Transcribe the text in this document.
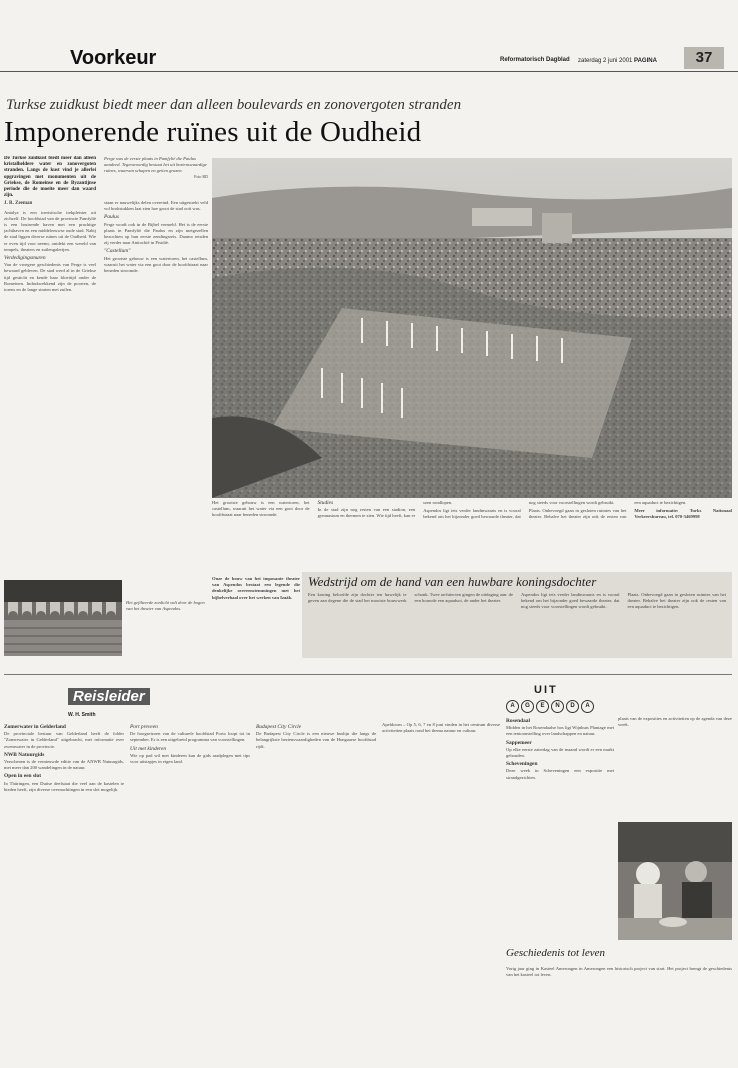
Voorkeur	Reformatorisch Dagblad zaterdag 2 juni 2001 PAGINA	37
Turkse zuidkust biedt meer dan alleen boulevards en zonovergoten stranden
Imponerende ruïnes uit de Oudheid

De Turkse zuidkust biedt meer dan alleen kristalheldere water en zonovergoten stranden. Langs de kust vind je allerlei opgravingen met monumenten uit de Griekse, de Romeinse en de Byzantijnse periode die de moeite meer dan waard zijn.

J. R. Zeeman

Antalya is een toeristische trekpleister uit zichzelf. De hoofdstad van de provincie Pamfylië is een bruisende haven met een prachtige jachthaven en een middeleeuwse oude stad. Nabij de stad liggen diverse ruïnes uit de Oudheid. Wie er even tijd voor neemt, ontdekt een wereld van tempels, theaters en zuilengalerijen.

Verdedigingsmuren

Van de vroegere geschiedenis van Perge is veel bewaard gebleven. De stad werd al in de Griekse tijd gesticht en kende haar bloeitijd onder de Romeinen. Indrukwekkend zijn de poorten, de torens en de lange straten met zuilen.

Perge was de eerste plaats in Pamfylië die Paulus aandeed. Tegenwoordig bestaat het uit bezienswaardige ruïnes, waarvan schapen en geiten grazen.
Foto RD

staan er nauwelijks delen overeind. Een uitgestrekt veld vol brokstukken laat zien hoe groot de stad ooit was.

Paulus

Perge wordt ook in de Bijbel vermeld. Het is de eerste plaats in Pamfylië die Paulus en zijn metgezellen bezochten op hun eerste zendingsreis. Daarna reisden zij verder naar Antiochië in Pisidië.

"Castellum"

Het grootste gebouw is een watertoren, het castellum, waaruit het water via een goot door de hoofdstraat naar beneden stroomde.

Het grootste gebouw is een watertoren, het castellum, waaruit het water via een goot door de hoofdstraat naar beneden stroomde.

Studies

In de stad zijn nog resten van een stadion, een gymnasium en thermen te zien. Wie tijd heeft, kan er uren rondlopen.

Aspendos ligt iets verder landinwaarts en is vooral bekend om het bijzonder goed bewaarde theater, dat nog steeds voor voorstellingen wordt gebruikt.

Plaats. Onbevoegd gaan in gesloten ruimtes van het theater. Behalve het theater zijn ook de resten van een aquaduct te bezichtigen.

Meer informatie: Turks Nationaal Verkeersbureau, tel. 070-3469998

Het gefilteerde zonlicht valt door de bogen van het theater van Aspendos.

Onze de bouw van het imposante theater van Aspendos bestaat een legende die denkelijke overeenstemmingen met het bijbelverhaal over het werken van Izaäk.

Wedstrijd om de hand van een huwbare koningsdochter

Een koning beloofde zijn dochter ten huwelijk te geven aan degene die de stad het mooiste bouwwerk schonk. Twee architecten gingen de uitdaging aan: de een bouwde een aquaduct, de ander het theater.

Aspendos ligt iets verder landinwaarts en is vooral bekend om het bijzonder goed bewaarde theater, dat nog steeds voor voorstellingen wordt gebruikt.

Plaats. Onbevoegd gaan in gesloten ruimtes van het theater. Behalve het theater zijn ook de resten van een aquaduct te bezichtigen.

Reisleider
W. H. Smith
Zomerwater in Gelderland

De provinciale bestuur van Gelderland heeft de folder "Zomerwater in Gelderland" uitgebracht, met informatie over zwemwater in de provincie.

NWB Natuurgids

Verschenen is de vernieuwde editie van de ANWB Natuurgids, met meer dan 200 wandelingen in de natuur.

Open in een slot

In Thüringen, een Duitse deelstaat die veel aan de kastelen te bieden heeft, zijn diverse overnachtingen in een slot mogelijk.

Port preveen

De hoogseizoen van de culturele hoofdstad Porto loopt tot in september. Er is een uitgebreid programma van voorstellingen.

Uit met kinderen

Wie op pad wil met kinderen kan de gids raadplegen met tips voor uitstapjes in eigen land.

Budapest City Circle

De Budapest City Circle is een nieuwe buslijn die langs de belangrijkste bezienswaardigheden van de Hongaarse hoofdstad rijdt.

Apeldoorn – Op 5, 6, 7 en 8 juni vinden in het centrum diverse activiteiten plaats rond het thema natuur en cultuur.

UIT
A	G	E	N	D	A
Rosendaal

Midden in het Rosendaalse bos ligt Wijnhuis Plantage met een tentoonstelling over landschappen en natuur.

Sappemeer

Op elke eerste zaterdag van de maand wordt er een markt gehouden.

Scheveningen

Deze week in Scheveningen een expositie met strandgezichten.

plaats van de exposities en activiteiten op de agenda van deze week.

Geschiedenis tot leven

Vorig jaar ging in Kasteel Amerongen in Amerongen een historisch project van start. Het project brengt de geschiedenis van het kasteel tot leven.
